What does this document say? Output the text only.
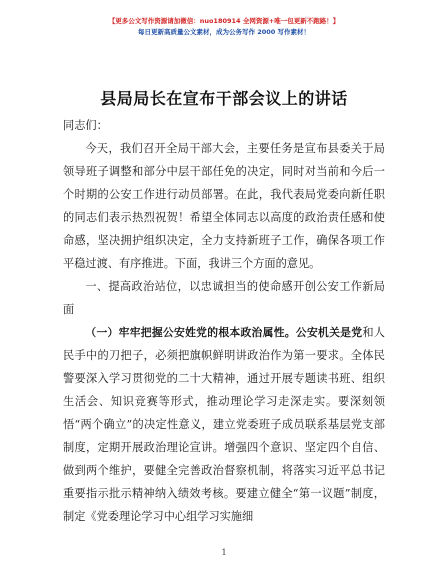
【更多公文写作资源请加微信：nuo180914 全网资源+唯一包更新不跑路！】
每日更新高质量公文素材，成为公务写作 2000 写作素材！
县局局长在宣布干部会议上的讲话

同志们：

今天，我们召开全局干部大会，主要任务是宣布县委关于局领导班子调整和部分中层干部任免的决定，同时对当前和今后一个时期的公安工作进行动员部署。在此，我代表局党委向新任职的同志们表示热烈祝贺！希望全体同志以高度的政治责任感和使命感，坚决拥护组织决定，全力支持新班子工作，确保各项工作平稳过渡、有序推进。下面，我讲三个方面的意见。

一、提高政治站位，以忠诚担当的使命感开创公安工作新局面

（一）牢牢把握公安姓党的根本政治属性。公安机关是党和人民手中的刀把子，必须把旗帜鲜明讲政治作为第一要求。全体民警要深入学习贯彻党的二十大精神，通过开展专题读书班、组织生活会、知识竞赛等形式，推动理论学习走深走实。要深刻领悟“两个确立”的决定性意义，建立党委班子成员联系基层党支部制度，定期开展政治理论宣讲。增强四个意识、坚定四个自信、做到两个维护，要健全完善政治督察机制，将落实习近平总书记重要指示批示精神纳入绩效考核。要建立健全“第一议题”制度，制定《党委理论学习中心组学习实施细

1
